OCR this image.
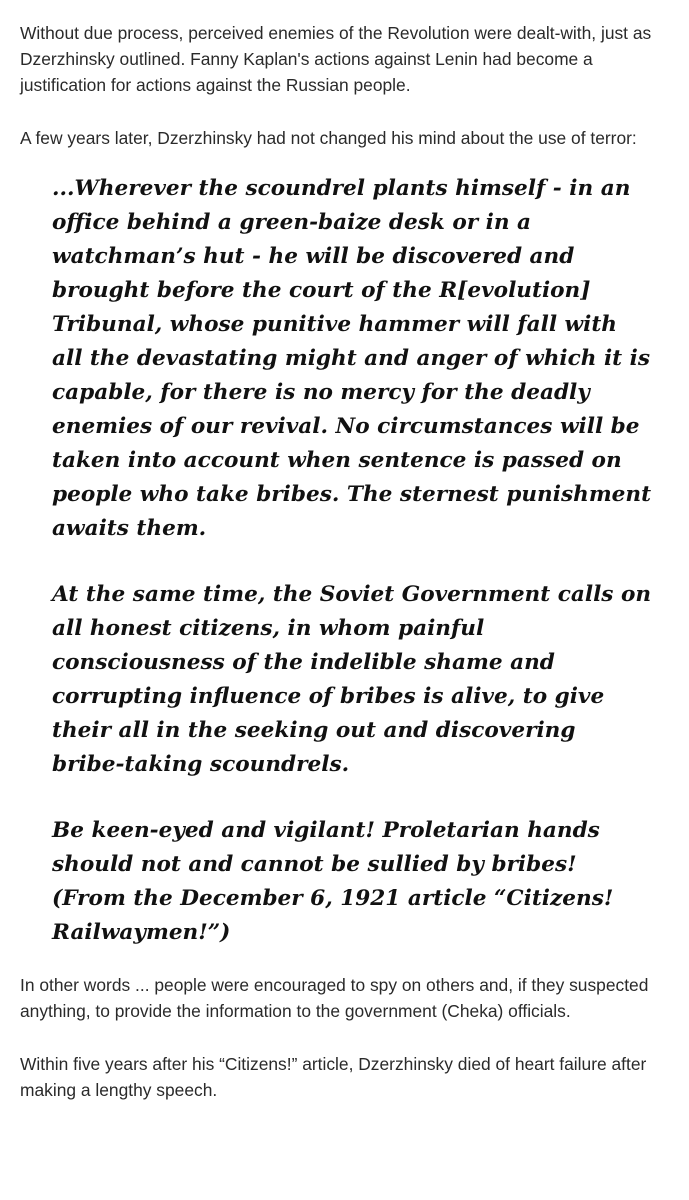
Without due process, perceived enemies of the Revolution were dealt-with, just as Dzerzhinsky outlined. Fanny Kaplan's actions against Lenin had become a justification for actions against the Russian people.

A few years later, Dzerzhinsky had not changed his mind about the use of terror:

...Wherever the scoundrel plants himself - in an office behind a green-baize desk or in a watchman’s hut - he will be discovered and brought before the court of the R[evolution] Tribunal, whose punitive hammer will fall with all the devastating might and anger of which it is capable, for there is no mercy for the deadly enemies of our revival. No circumstances will be taken into account when sentence is passed on people who take bribes. The sternest punishment awaits them.

At the same time, the Soviet Government calls on all honest citizens, in whom painful consciousness of the indelible shame and corrupting influence of bribes is alive, to give their all in the seeking out and discovering bribe-taking scoundrels.

Be keen-eyed and vigilant! Proletarian hands should not and cannot be sullied by bribes! (From the December 6, 1921 article “Citizens! Railwaymen!”)

In other words ... people were encouraged to spy on others and, if they suspected anything, to provide the information to the government (Cheka) officials.

Within five years after his “Citizens!” article, Dzerzhinsky died of heart failure after making a lengthy speech.
